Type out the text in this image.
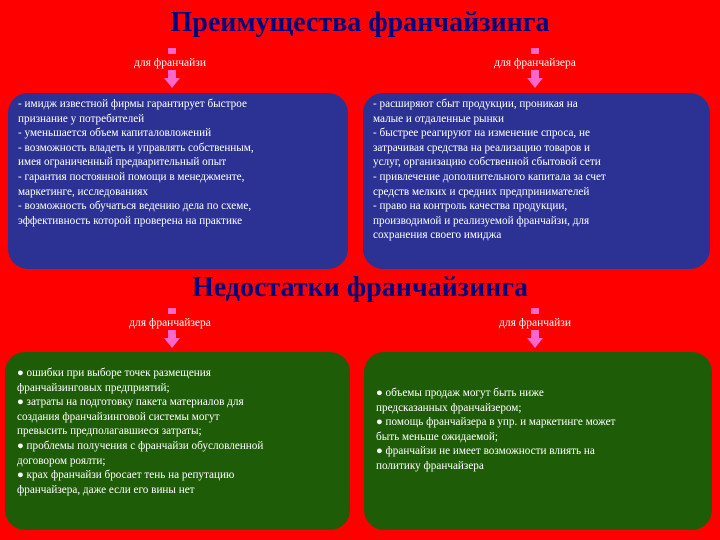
Преимущества франчайзинга
для франчайзи	для франчайзера
- имидж известной фирмы гарантирует быстрое
признание у потребителей
- уменьшается объем капиталовложений
- возможность владеть и управлять собственным,
имея ограниченный предварительный опыт
- гарантия постоянной помощи в менеджменте,
маркетинге, исследованиях
- возможность обучаться ведению дела по схеме,
эффективность которой проверена на практике
- расширяют сбыт продукции, проникая на
малые и отдаленные рынки
- быстрее реагируют на изменение спроса, не
затрачивая средства на реализацию товаров и
услуг, организацию собственной сбытовой сети
- привлечение дополнительного капитала за счет
средств мелких и средних предпринимателей
- право на контроль качества продукции,
производимой и реализуемой франчайзи, для
сохранения своего имиджа
Недостатки франчайзинга
для франчайзера	для франчайзи
● ошибки при выборе точек размещения
франчайзинговых предприятий;
● затраты на подготовку пакета материалов для
создания франчайзинговой системы могут
превысить предполагавшиеся затраты;
● проблемы получения с франчайзи обусловленной
договором роялти;
● крах франчайзи бросает тень на репутацию
франчайзера, даже если его вины нет
● объемы продаж могут быть ниже
предсказанных франчайзером;
● помощь франчайзера в упр. и маркетинге может
быть меньше ожидаемой;
● франчайзи не имеет возможности влиять на
политику франчайзера
